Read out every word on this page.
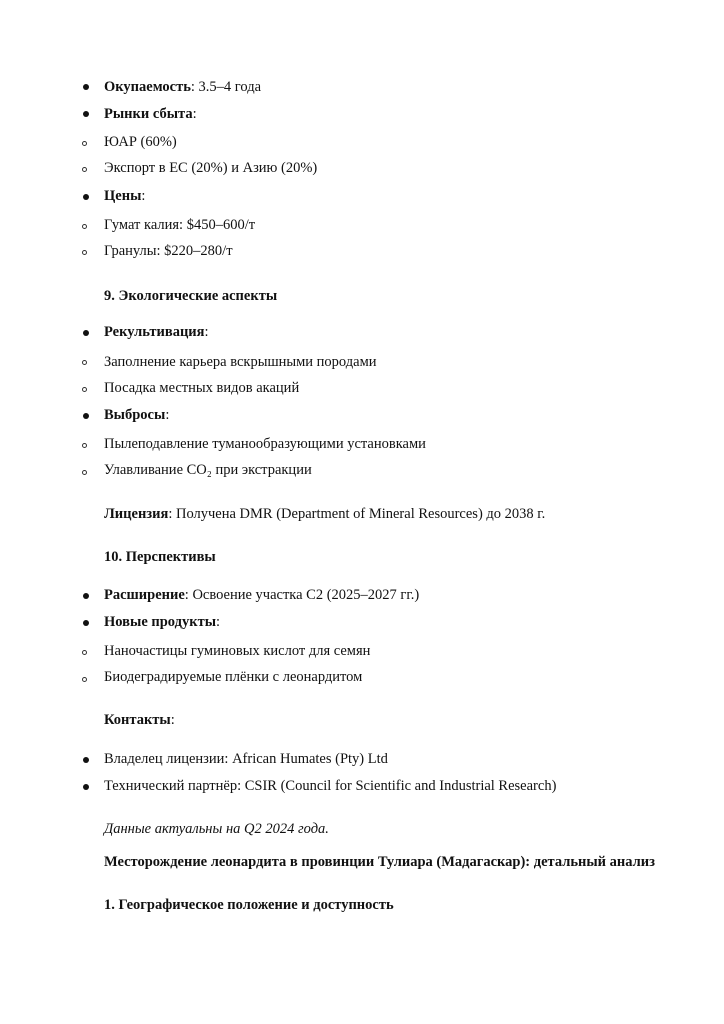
Окупаемость: 3.5–4 года
Рынки сбыта:
ЮАР (60%)
Экспорт в ЕС (20%) и Азию (20%)
Цены:
Гумат калия: $450–600/т
Гранулы: $220–280/т
9. Экологические аспекты
Рекультивация:
Заполнение карьера вскрышными породами
Посадка местных видов акаций
Выбросы:
Пылеподавление туманообразующими установками
Улавливание CO₂ при экстракции
Лицензия: Получена DMR (Department of Mineral Resources) до 2038 г.
10. Перспективы
Расширение: Освоение участка C2 (2025–2027 гг.)
Новые продукты:
Наночастицы гуминовых кислот для семян
Биодеградируемые плёнки с леонардитом
Контакты:
Владелец лицензии: African Humates (Pty) Ltd
Технический партнёр: CSIR (Council for Scientific and Industrial Research)
Данные актуальны на Q2 2024 года.
Месторождение леонардита в провинции Тулиара (Мадагаскар): детальный анализ
1. Географическое положение и доступность
